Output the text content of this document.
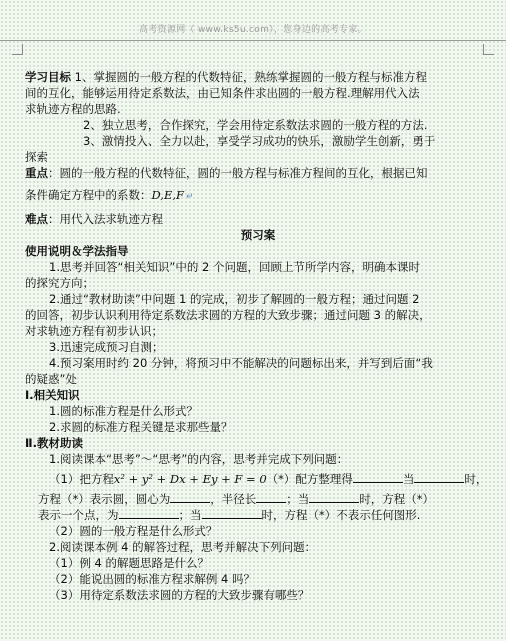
高考资源网（ www.ks5u.com），您身边的高考专家。
学习目标 1、掌握圆的一般方程的代数特征，熟练掌握圆的一般方程与标准方程
间的互化，能够运用待定系数法，由已知条件求出圆的一般方程.理解用代入法
求轨迹方程的思路.
2、独立思考，合作探究，学会用待定系数法求圆的一般方程的方法.
3、激情投入、全力以赴，享受学习成功的快乐，激励学生创新，勇于
探索
重点：圆的一般方程的代数特征，圆的一般方程与标准方程间的互化，根据已知
条件确定方程中的系数：D,E,F ↵
难点：用代入法求轨迹方程
预习案
使用说明＆学法指导
1.思考并回答“相关知识”中的 2 个问题，回顾上节所学内容，明确本课时
的探究方向；
2.通过“教材助读”中问题 1 的完成，初步了解圆的一般方程；通过问题 2
的回答，初步认识利用待定系数法求圆的方程的大致步骤；通过问题 3 的解决，
对求轨迹方程有初步认识；
3.迅速完成预习自测；
4.预习案用时约 20 分钟，将预习中不能解决的问题标出来，并写到后面“我
的疑惑”处
Ⅰ.相关知识
1.圆的标准方程是什么形式？
2.求圆的标准方程关键是求那些量？
Ⅱ.教材助读
1.阅读课本“思考”～“思考”的内容，思考并完成下列问题：
（1）把方程x² + y² + Dx + Ey + F = 0（*）配方整理得	当	时，
方程（*）表示圆，圆心为	，半径长	；当	时，方程（*）
表示一个点，为	；当	时，方程（*）不表示任何图形.
（2）圆的一般方程是什么形式？
2.阅读课本例 4 的解答过程，思考并解决下列问题：
（1）例 4 的解题思路是什么？
（2）能说出圆的标准方程求解例 4 吗？
（3）用待定系数法求圆的方程的大致步骤有哪些？
